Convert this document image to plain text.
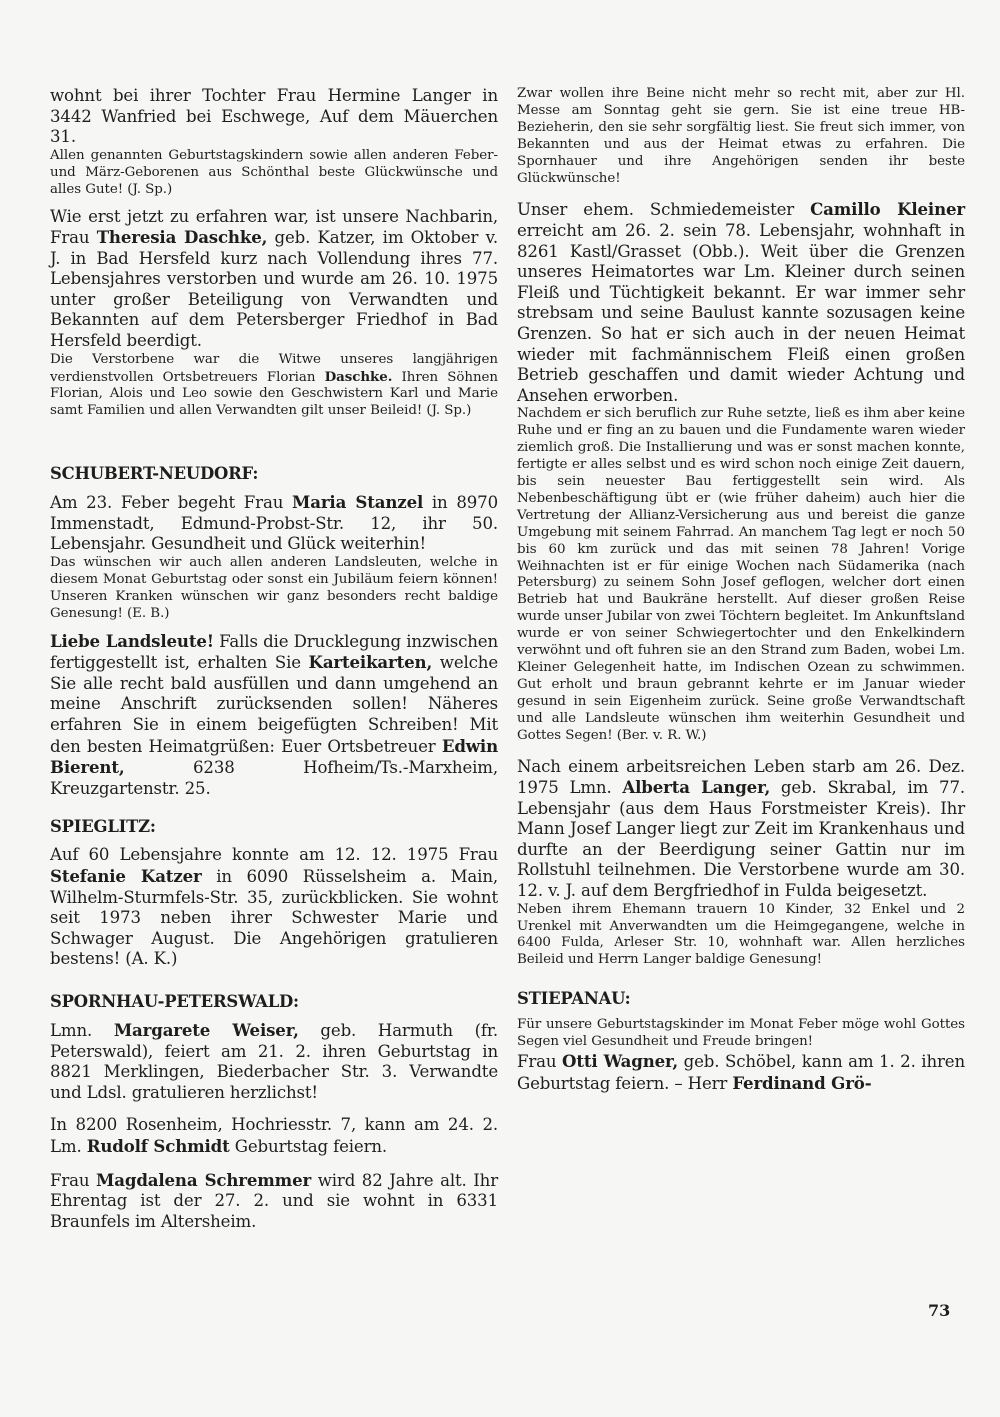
wohnt bei ihrer Tochter Frau Hermine Langer in 3442 Wanfried bei Eschwege, Auf dem Mäuerchen 31.

Allen genannten Geburtstagskindern sowie allen anderen Feber- und März-Geborenen aus Schönthal beste Glückwünsche und alles Gute! (J. Sp.)

Wie erst jetzt zu erfahren war, ist unsere Nachbarin, Frau Theresia Daschke, geb. Katzer, im Oktober v. J. in Bad Hersfeld kurz nach Vollendung ihres 77. Lebensjahres verstorben und wurde am 26. 10. 1975 unter großer Beteiligung von Verwandten und Bekannten auf dem Petersberger Friedhof in Bad Hersfeld beerdigt.

Die Verstorbene war die Witwe unseres langjährigen verdienstvollen Ortsbetreuers Florian Daschke. Ihren Söhnen Florian, Alois und Leo sowie den Geschwistern Karl und Marie samt Familien und allen Verwandten gilt unser Beileid! (J. Sp.)

SCHUBERT-NEUDORF:

Am 23. Feber begeht Frau Maria Stanzel in 8970 Immenstadt, Edmund-Probst-Str. 12, ihr 50. Lebensjahr. Gesundheit und Glück weiterhin!

Das wünschen wir auch allen anderen Landsleuten, welche in diesem Monat Geburtstag oder sonst ein Jubiläum feiern können! Unseren Kranken wünschen wir ganz besonders recht baldige Genesung! (E. B.)

Liebe Landsleute! Falls die Drucklegung inzwischen fertiggestellt ist, erhalten Sie Karteikarten, welche Sie alle recht bald ausfüllen und dann umgehend an meine Anschrift zurücksenden sollen! Näheres erfahren Sie in einem beigefügten Schreiben! Mit den besten Heimatgrüßen: Euer Ortsbetreuer Edwin Bierent, 6238 Hofheim/Ts.-Marxheim, Kreuzgartenstr. 25.

SPIEGLITZ:

Auf 60 Lebensjahre konnte am 12. 12. 1975 Frau Stefanie Katzer in 6090 Rüsselsheim a. Main, Wilhelm-Sturmfels-Str. 35, zurückblicken. Sie wohnt seit 1973 neben ihrer Schwester Marie und Schwager August. Die Angehörigen gratulieren bestens! (A. K.)

SPORNHAU-PETERSWALD:

Lmn. Margarete Weiser, geb. Harmuth (fr. Peterswald), feiert am 21. 2. ihren Geburtstag in 8821 Merklingen, Biederbacher Str. 3. Verwandte und Ldsl. gratulieren herzlichst!

In 8200 Rosenheim, Hochriesstr. 7, kann am 24. 2. Lm. Rudolf Schmidt Geburtstag feiern.

Frau Magdalena Schremmer wird 82 Jahre alt. Ihr Ehrentag ist der 27. 2. und sie wohnt in 6331 Braunfels im Altersheim.

Zwar wollen ihre Beine nicht mehr so recht mit, aber zur Hl. Messe am Sonntag geht sie gern. Sie ist eine treue HB-Bezieherin, den sie sehr sorgfältig liest. Sie freut sich immer, von Bekannten und aus der Heimat etwas zu erfahren. Die Spornhauer und ihre Angehörigen senden ihr beste Glückwünsche!

Unser ehem. Schmiedemeister Camillo Kleiner erreicht am 26. 2. sein 78. Lebensjahr, wohnhaft in 8261 Kastl/Grasset (Obb.). Weit über die Grenzen unseres Heimatortes war Lm. Kleiner durch seinen Fleiß und Tüchtigkeit bekannt. Er war immer sehr strebsam und seine Baulust kannte sozusagen keine Grenzen. So hat er sich auch in der neuen Heimat wieder mit fachmännischem Fleiß einen großen Betrieb geschaffen und damit wieder Achtung und Ansehen erworben.

Nachdem er sich beruflich zur Ruhe setzte, ließ es ihm aber keine Ruhe und er fing an zu bauen und die Fundamente waren wieder ziemlich groß. Die Installierung und was er sonst machen konnte, fertigte er alles selbst und es wird schon noch einige Zeit dauern, bis sein neuester Bau fertiggestellt sein wird. Als Nebenbeschäftigung übt er (wie früher daheim) auch hier die Vertretung der Allianz-Versicherung aus und bereist die ganze Umgebung mit seinem Fahrrad. An manchem Tag legt er noch 50 bis 60 km zurück und das mit seinen 78 Jahren! Vorige Weihnachten ist er für einige Wochen nach Südamerika (nach Petersburg) zu seinem Sohn Josef geflogen, welcher dort einen Betrieb hat und Baukräne herstellt. Auf dieser großen Reise wurde unser Jubilar von zwei Töchtern begleitet. Im Ankunftsland wurde er von seiner Schwiegertochter und den Enkelkindern verwöhnt und oft fuhren sie an den Strand zum Baden, wobei Lm. Kleiner Gelegenheit hatte, im Indischen Ozean zu schwimmen. Gut erholt und braun gebrannt kehrte er im Januar wieder gesund in sein Eigenheim zurück. Seine große Verwandtschaft und alle Landsleute wünschen ihm weiterhin Gesundheit und Gottes Segen! (Ber. v. R. W.)

Nach einem arbeitsreichen Leben starb am 26. Dez. 1975 Lmn. Alberta Langer, geb. Skrabal, im 77. Lebensjahr (aus dem Haus Forstmeister Kreis). Ihr Mann Josef Langer liegt zur Zeit im Krankenhaus und durfte an der Beerdigung seiner Gattin nur im Rollstuhl teilnehmen. Die Verstorbene wurde am 30. 12. v. J. auf dem Bergfriedhof in Fulda beigesetzt.

Neben ihrem Ehemann trauern 10 Kinder, 32 Enkel und 2 Urenkel mit Anverwandten um die Heimgegangene, welche in 6400 Fulda, Arleser Str. 10, wohnhaft war. Allen herzliches Beileid und Herrn Langer baldige Genesung!

STIEPANAU:

Für unsere Geburtstagskinder im Monat Feber möge wohl Gottes Segen viel Gesundheit und Freude bringen!

Frau Otti Wagner, geb. Schöbel, kann am 1. 2. ihren Geburtstag feiern. – Herr Ferdinand Grö-

73
